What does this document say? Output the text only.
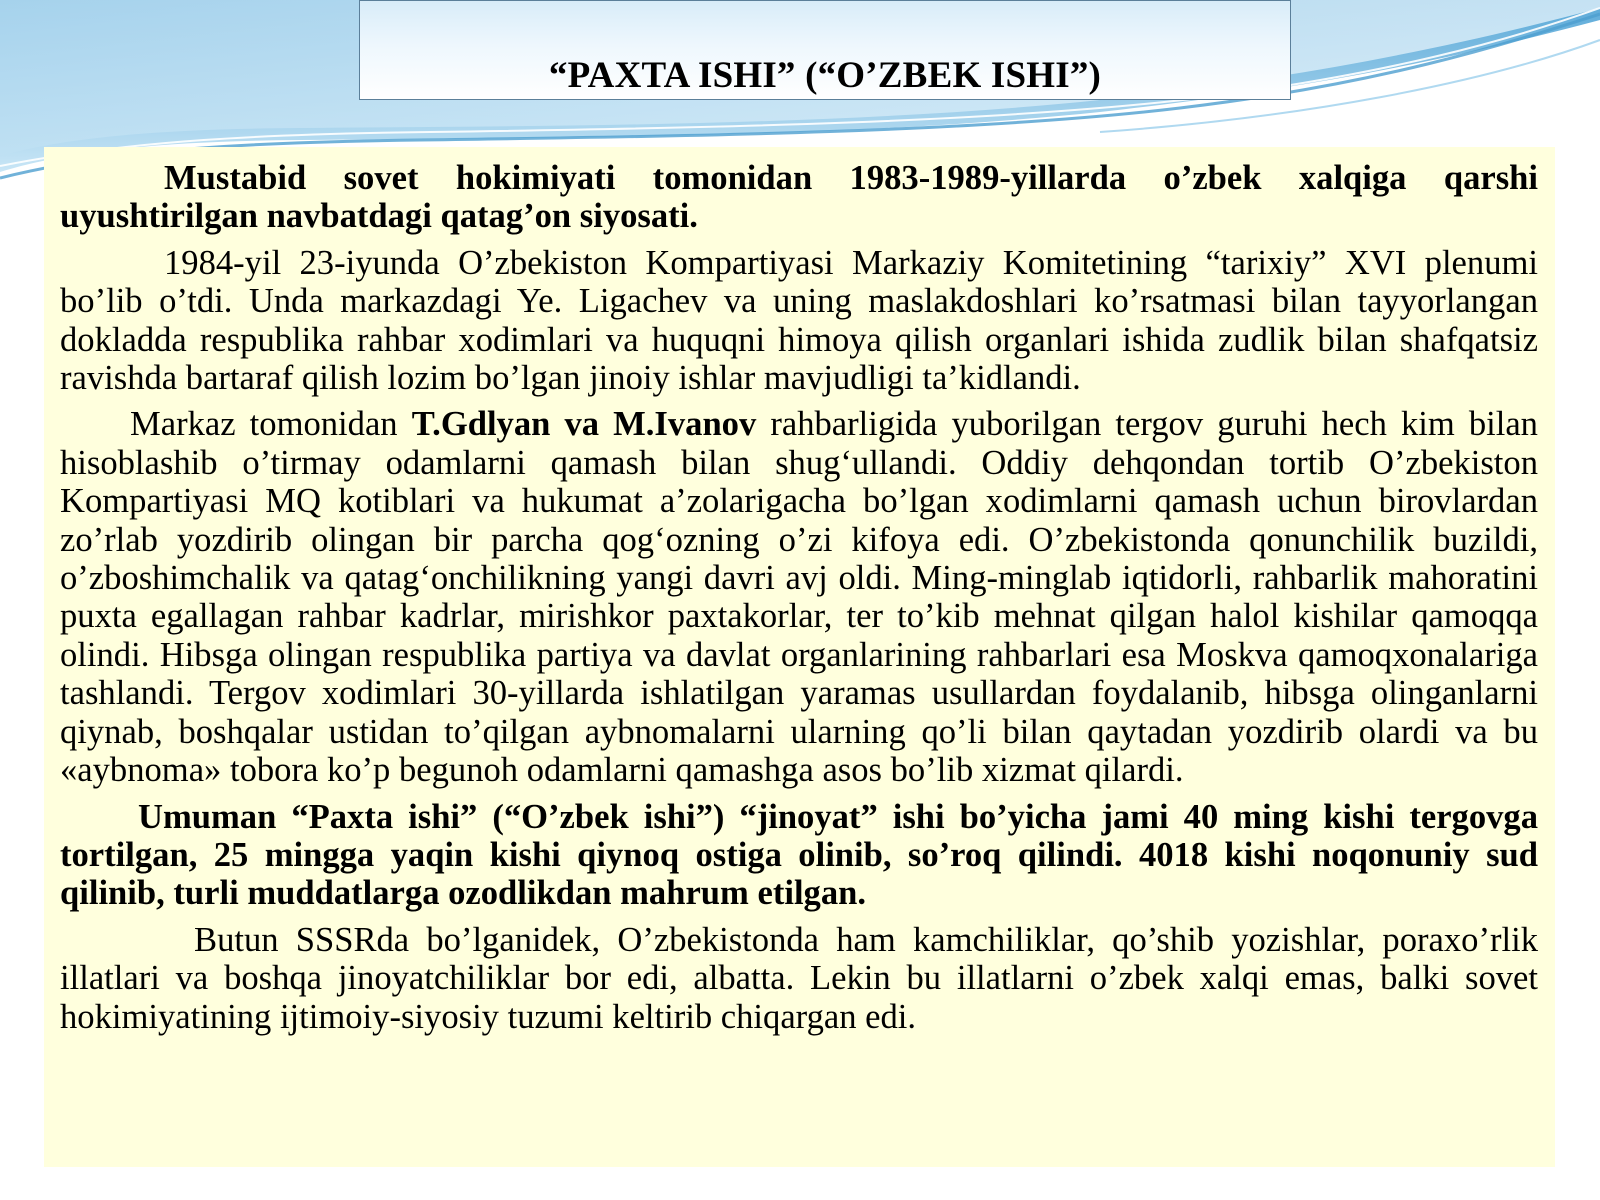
“PAXTA ISHI” (“O’ZBEK ISHI”)

Mustabid sovet hokimiyati tomonidan 1983-1989-yillarda o’zbek xalqiga qarshi uyushtirilgan navbatdagi qatag’on siyosati.

1984-yil 23-iyunda O’zbekiston Kompartiyasi Markaziy Komitetining “tarixiy” XVI plenumi bo’lib o’tdi. Unda markazdagi Ye. Ligachev va uning maslakdoshlari ko’rsatmasi bilan tayyorlangan dokladda respublika rahbar xodimlari va huquqni himoya qilish organlari ishida zudlik bilan shafqatsiz ravishda bartaraf qilish lozim bo’lgan jinoiy ishlar mavjudligi ta’kidlandi.

Markaz tomonidan T.Gdlyan va M.Ivanov rahbarligida yuborilgan tergov guruhi hech kim bilan hisoblashib o’tirmay odamlarni qamash bilan shug‘ullandi. Oddiy dehqondan tortib O’zbekiston Kompartiyasi MQ kotiblari va hukumat a’zolarigacha bo’lgan xodimlarni qamash uchun birovlardan zo’rlab yozdirib olingan bir parcha qog‘ozning o’zi kifoya edi. O’zbekistonda qonunchilik buzildi, o’zboshimchalik va qatag‘onchilikning yangi davri avj oldi. Ming-minglab iqtidorli, rahbarlik mahoratini puxta egallagan rahbar kadrlar, mirishkor paxtakorlar, ter to’kib mehnat qilgan halol kishilar qamoqqa olindi. Hibsga olingan respublika partiya va davlat organlarining rahbarlari esa Moskva qamoqxonalariga tashlandi. Tergov xodimlari 30-yillarda ishlatilgan yaramas usullardan foydalanib, hibsga olinganlarni qiynab, boshqalar ustidan to’qilgan aybnomalarni ularning qo’li bilan qaytadan yozdirib olardi va bu «aybnoma» tobora ko’p begunoh odamlarni qamashga asos bo’lib xizmat qilardi.

Umuman “Paxta ishi” (“O’zbek ishi”) “jinoyat” ishi bo’yicha jami 40 ming kishi tergovga tortilgan, 25 mingga yaqin kishi qiynoq ostiga olinib, so’roq qilindi. 4018 kishi noqonuniy sud qilinib, turli muddatlarga ozodlikdan mahrum etilgan.

Butun SSSRda bo’lganidek, O’zbekistonda ham kamchiliklar, qo’shib yozishlar, poraxo’rlik illatlari va boshqa jinoyatchiliklar bor edi, albatta. Lekin bu illatlarni o’zbek xalqi emas, balki sovet hokimiyatining ijtimoiy-siyosiy tuzumi keltirib chiqargan edi.
